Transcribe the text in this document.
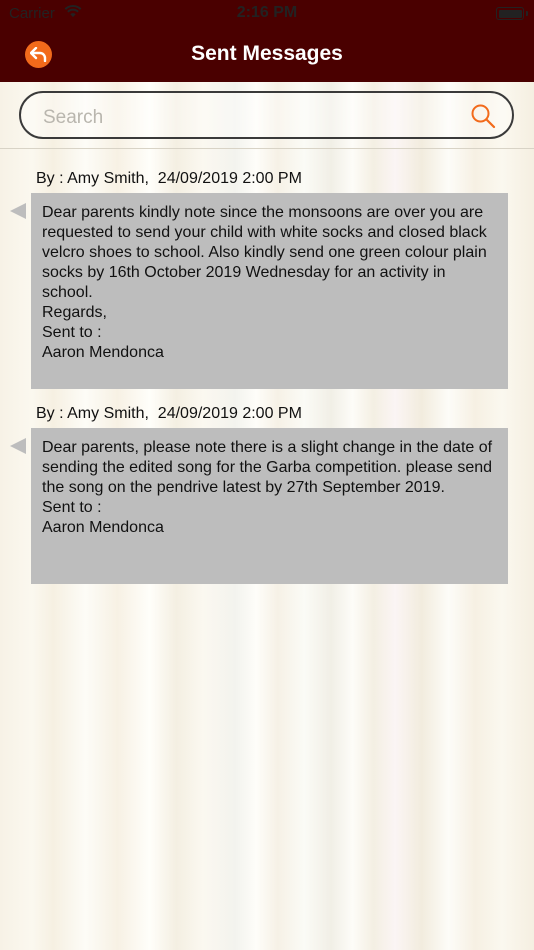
Carrier	2:16 PM
Sent Messages
Search
By : Amy Smith,  24/09/2019 2:00 PM

Dear parents kindly note since the monsoons are over you are requested to send your child with white socks and closed black velcro shoes to school. Also kindly send one green colour plain socks by 16th October 2019 Wednesday for an activity in school.

Regards,

Sent to :

Aaron Mendonca

By : Amy Smith,  24/09/2019 2:00 PM

Dear parents, please note there is a slight change in the date of sending the edited song for the Garba competition. please send the song on the pendrive latest by 27th September 2019.

Sent to :

Aaron Mendonca
